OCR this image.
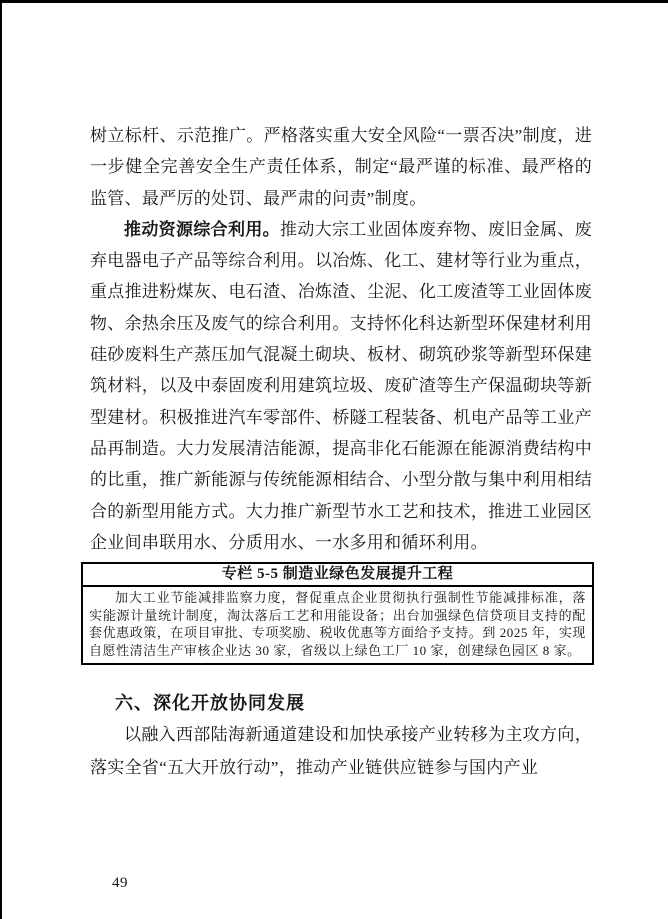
树立标杆、示范推广。严格落实重大安全风险“一票否决”制度，进一步健全完善安全生产责任体系，制定“最严谨的标准、最严格的监管、最严厉的处罚、最严肃的问责”制度。

推动资源综合利用。推动大宗工业固体废弃物、废旧金属、废弃电器电子产品等综合利用。以冶炼、化工、建材等行业为重点，重点推进粉煤灰、电石渣、冶炼渣、尘泥、化工废渣等工业固体废物、余热余压及废气的综合利用。支持怀化科达新型环保建材利用硅砂废料生产蒸压加气混凝土砌块、板材、砌筑砂浆等新型环保建筑材料，以及中泰固废利用建筑垃圾、废矿渣等生产保温砌块等新型建材。积极推进汽车零部件、桥隧工程装备、机电产品等工业产品再制造。大力发展清洁能源，提高非化石能源在能源消费结构中的比重，推广新能源与传统能源相结合、小型分散与集中利用相结合的新型用能方式。大力推广新型节水工艺和技术，推进工业园区企业间串联用水、分质用水、一水多用和循环利用。

专栏 5-5 制造业绿色发展提升工程

加大工业节能减排监察力度，督促重点企业贯彻执行强制性节能减排标准，落实能源计量统计制度，淘汰落后工艺和用能设备；出台加强绿色信贷项目支持的配套优惠政策，在项目审批、专项奖励、税收优惠等方面给予支持。到 2025 年，实现自愿性清洁生产审核企业达 30 家，省级以上绿色工厂 10 家，创建绿色园区 8 家。

六、深化开放协同发展

以融入西部陆海新通道建设和加快承接产业转移为主攻方向，落实全省“五大开放行动”，推动产业链供应链参与国内产业

49
